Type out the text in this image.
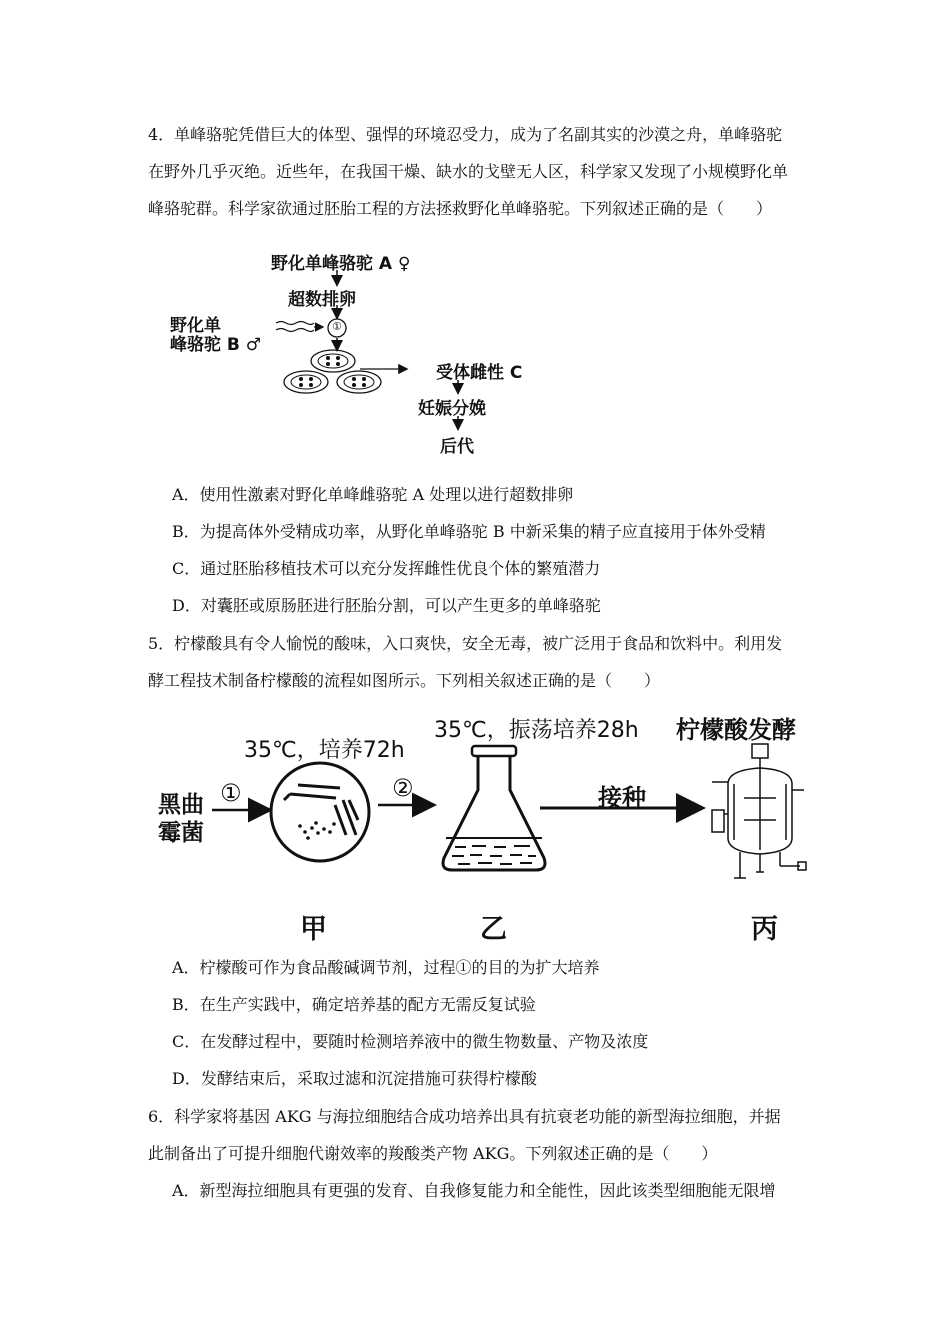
4．单峰骆驼凭借巨大的体型、强悍的环境忍受力，成为了名副其实的沙漠之舟，单峰骆驼
在野外几乎灭绝。近些年，在我国干燥、缺水的戈壁无人区，科学家又发现了小规模野化单
峰骆驼群。科学家欲通过胚胎工程的方法拯救野化单峰骆驼。下列叙述正确的是（　　）
野化单峰骆驼 A ♀
超数排卵
野化单
峰骆驼 B ♂
①
受体雌性 C
妊娠分娩
后代
A．使用性激素对野化单峰雌骆驼 A 处理以进行超数排卵
B．为提高体外受精成功率，从野化单峰骆驼 B 中新采集的精子应直接用于体外受精
C．通过胚胎移植技术可以充分发挥雌性优良个体的繁殖潜力
D．对囊胚或原肠胚进行胚胎分割，可以产生更多的单峰骆驼
5．柠檬酸具有令人愉悦的酸味，入口爽快，安全无毒，被广泛用于食品和饮料中。利用发
酵工程技术制备柠檬酸的流程如图所示。下列相关叙述正确的是（　　）
黑曲
霉菌
①	②
35℃，培养72h
35℃，振荡培养28h
接种
柠檬酸发酵
甲	乙	丙
A．柠檬酸可作为食品酸碱调节剂，过程①的目的为扩大培养
B．在生产实践中，确定培养基的配方无需反复试验
C．在发酵过程中，要随时检测培养液中的微生物数量、产物及浓度
D．发酵结束后，采取过滤和沉淀措施可获得柠檬酸
6．科学家将基因 AKG 与海拉细胞结合成功培养出具有抗衰老功能的新型海拉细胞，并据
此制备出了可提升细胞代谢效率的羧酸类产物 AKG。下列叙述正确的是（　　）
A．新型海拉细胞具有更强的发育、自我修复能力和全能性，因此该类型细胞能无限增
